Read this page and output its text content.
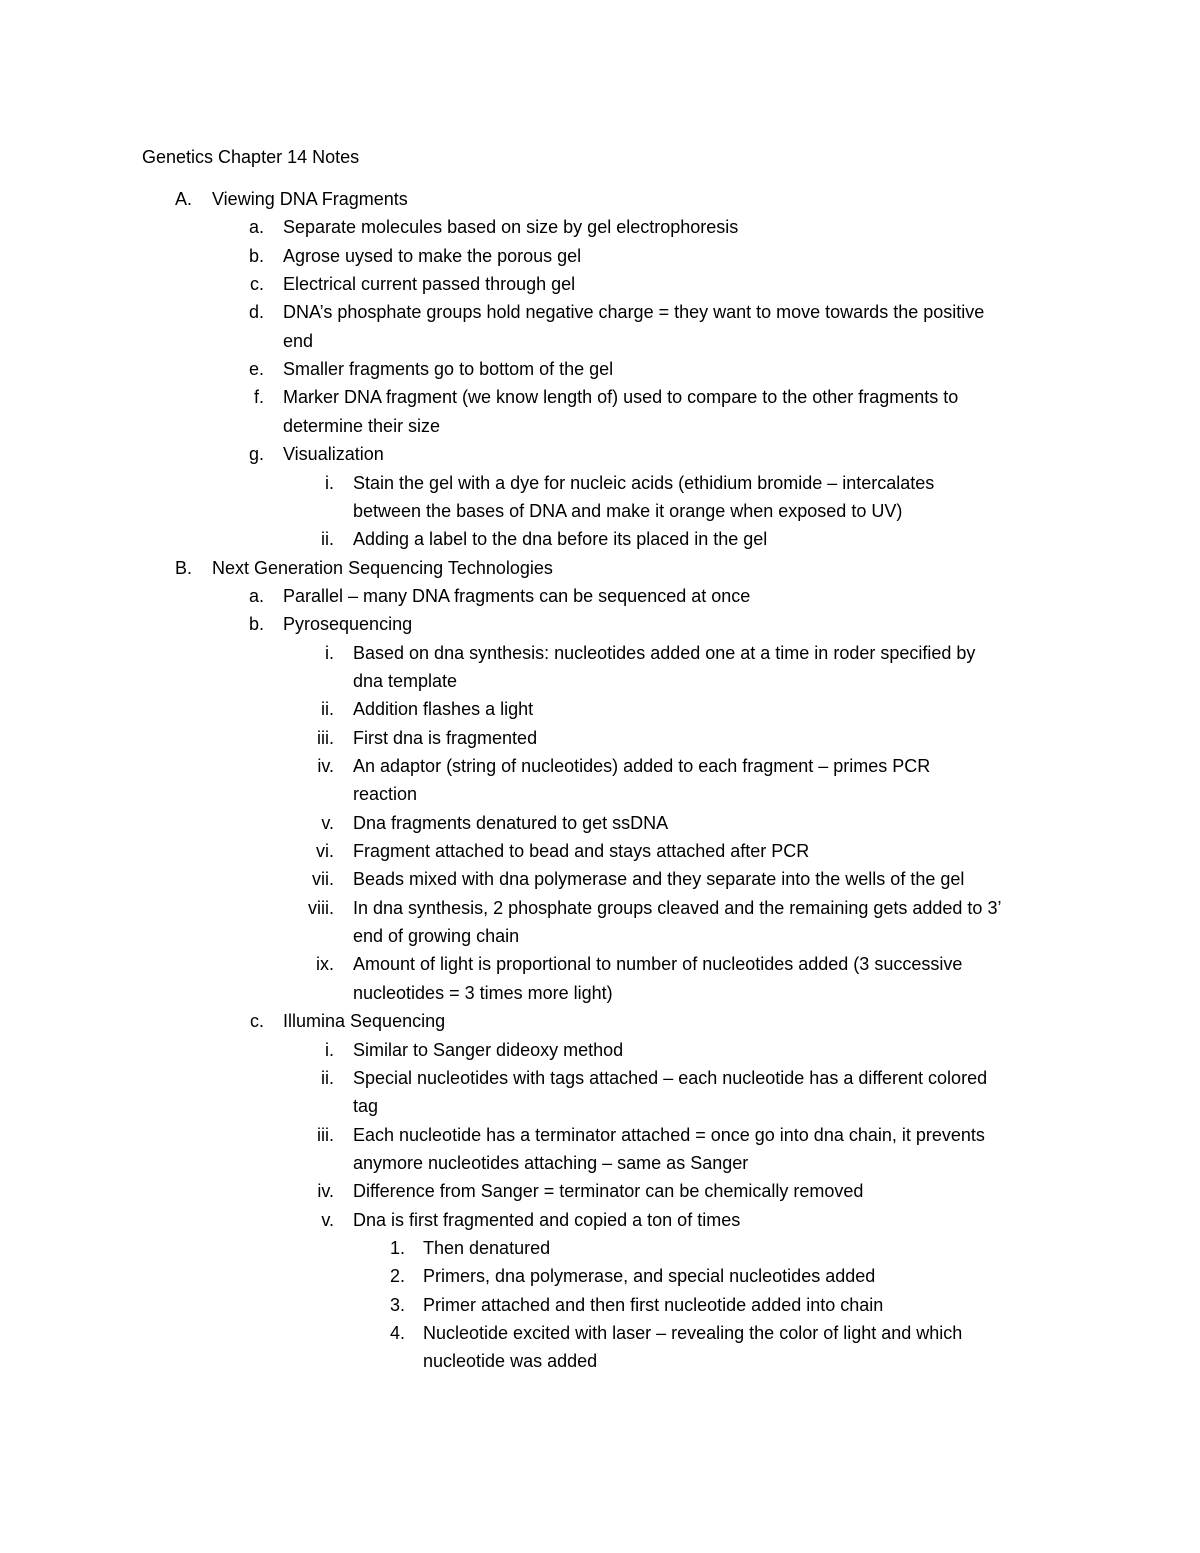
Genetics Chapter 14 Notes
A. Viewing DNA Fragments
a. Separate molecules based on size by gel electrophoresis
b. Agrose uysed to make the porous gel
c. Electrical current passed through gel
d. DNA’s phosphate groups hold negative charge = they want to move towards the positive
end
e. Smaller fragments go to bottom of the gel
f. Marker DNA fragment (we know length of) used to compare to the other fragments to
determine their size
g. Visualization
i. Stain the gel with a dye for nucleic acids (ethidium bromide – intercalates
between the bases of DNA and make it orange when exposed to UV)
ii. Adding a label to the dna before its placed in the gel
B. Next Generation Sequencing Technologies
a. Parallel – many DNA fragments can be sequenced at once
b. Pyrosequencing
i. Based on dna synthesis: nucleotides added one at a time in roder specified by
dna template
ii. Addition flashes a light
iii. First dna is fragmented
iv. An adaptor (string of nucleotides) added to each fragment – primes PCR
reaction
v. Dna fragments denatured to get ssDNA
vi. Fragment attached to bead and stays attached after PCR
vii. Beads mixed with dna polymerase and they separate into the wells of the gel
viii. In dna synthesis, 2 phosphate groups cleaved and the remaining gets added to 3’
end of growing chain
ix. Amount of light is proportional to number of nucleotides added (3 successive
nucleotides = 3 times more light)
c. Illumina Sequencing
i. Similar to Sanger dideoxy method
ii. Special nucleotides with tags attached – each nucleotide has a different colored
tag
iii. Each nucleotide has a terminator attached = once go into dna chain, it prevents
anymore nucleotides attaching – same as Sanger
iv. Difference from Sanger = terminator can be chemically removed
v. Dna is first fragmented and copied a ton of times
1. Then denatured
2. Primers, dna polymerase, and special nucleotides added
3. Primer attached and then first nucleotide added into chain
4. Nucleotide excited with laser – revealing the color of light and which
nucleotide was added
